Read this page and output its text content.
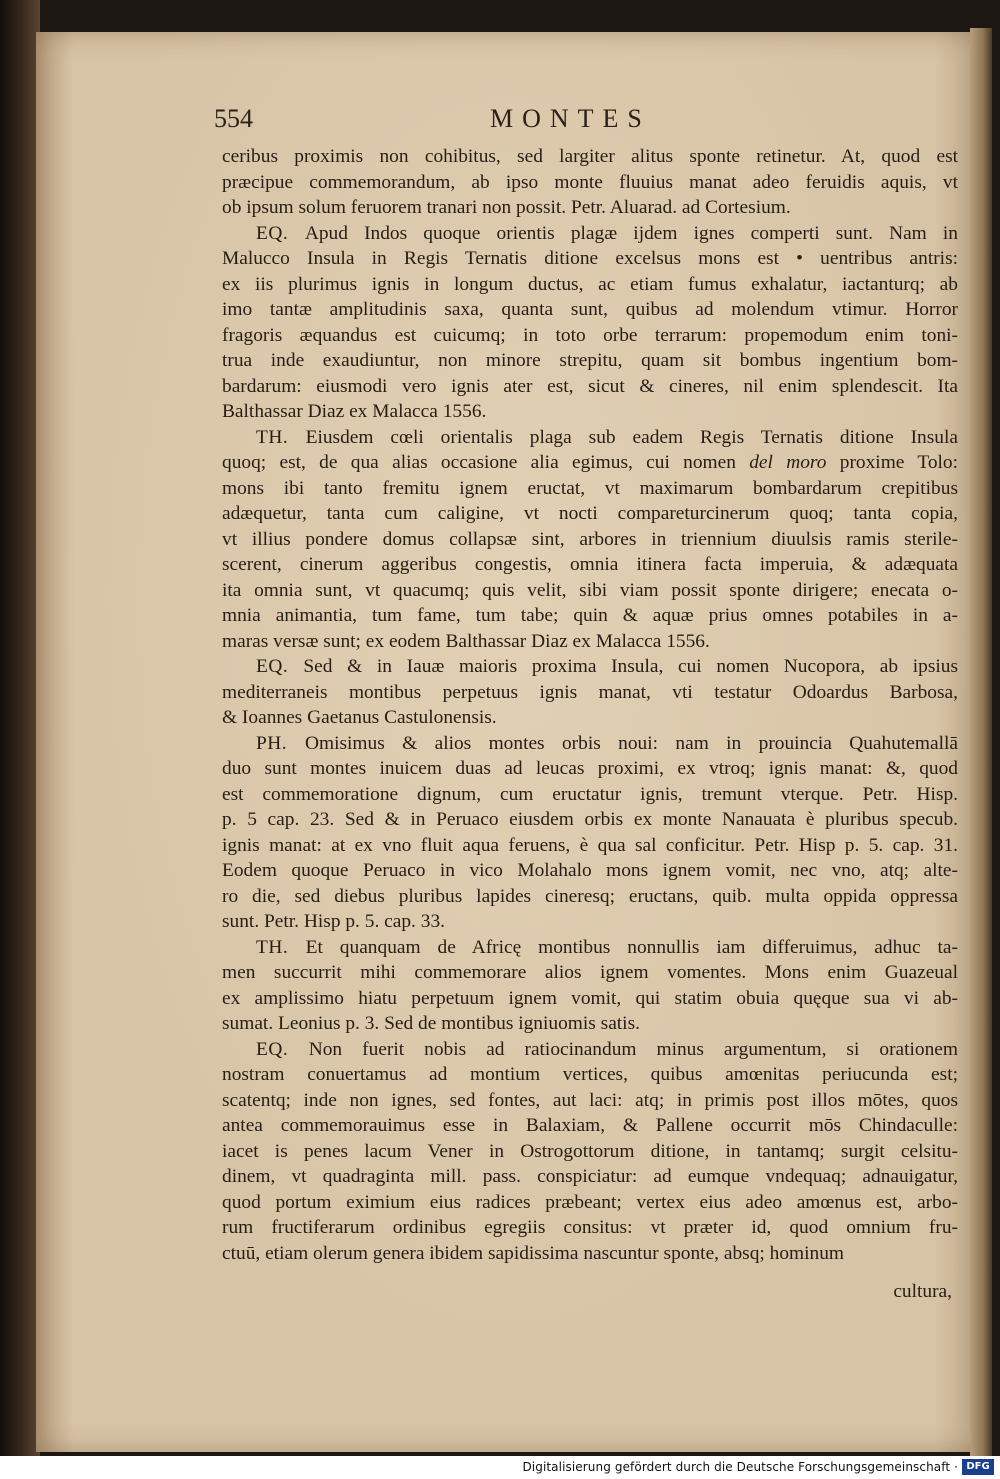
554	MONTES

ceribus proximis non cohibitus, sed largiter alitus sponte retinetur. At, quod est
præcipue commemorandum, ab ipso monte fluuius manat adeo feruidis aquis, vt
ob ipsum solum feruorem tranari non possit. Petr. Aluarad. ad Cortesium.

EQ. Apud Indos quoque orientis plagæ ijdem ignes comperti sunt. Nam in
Malucco Insula in Regis Ternatis ditione excelsus mons est • uentribus antris:
ex iis plurimus ignis in longum ductus, ac etiam fumus exhalatur, iactanturq; ab
imo tantæ amplitudinis saxa, quanta sunt, quibus ad molendum vtimur. Horror
fragoris æquandus est cuicumq; in toto orbe terrarum: propemodum enim toni-
trua inde exaudiuntur, non minore strepitu, quam sit bombus ingentium bom-
bardarum: eiusmodi vero ignis ater est, sicut & cineres, nil enim splendescit. Ita
Balthassar Diaz ex Malacca 1556.

TH. Eiusdem cœli orientalis plaga sub eadem Regis Ternatis ditione Insula
quoq; est, de qua alias occasione alia egimus, cui nomen del moro proxime Tolo:
mons ibi tanto fremitu ignem eructat, vt maximarum bombardarum crepitibus
adæquetur, tanta cum caligine, vt nocti compareturcinerum quoq; tanta copia,
vt illius pondere domus collapsæ sint, arbores in triennium diuulsis ramis sterile-
scerent, cinerum aggeribus congestis, omnia itinera facta imperuia, & adæquata
ita omnia sunt, vt quacumq; quis velit, sibi viam possit sponte dirigere; enecata o-
mnia animantia, tum fame, tum tabe; quin & aquæ prius omnes potabiles in a-
maras versæ sunt; ex eodem Balthassar Diaz ex Malacca 1556.

EQ. Sed & in Iauæ maioris proxima Insula, cui nomen Nucopora, ab ipsius
mediterraneis montibus perpetuus ignis manat, vti testatur Odoardus Barbosa,
& Ioannes Gaetanus Castulonensis.

PH. Omisimus & alios montes orbis noui: nam in prouincia Quahutemallā
duo sunt montes inuicem duas ad leucas proximi, ex vtroq; ignis manat: &, quod
est commemoratione dignum, cum eructatur ignis, tremunt vterque. Petr. Hisp.
p. 5 cap. 23. Sed & in Peruaco eiusdem orbis ex monte Nanauata è pluribus specub.
ignis manat: at ex vno fluit aqua feruens, è qua sal conficitur. Petr. Hisp p. 5. cap. 31.
Eodem quoque Peruaco in vico Molahalo mons ignem vomit, nec vno, atq; alte-
ro die, sed diebus pluribus lapides cineresq; eructans, quib. multa oppida oppressa
sunt. Petr. Hisp p. 5. cap. 33.

TH. Et quanquam de Africę montibus nonnullis iam differuimus, adhuc ta-
men succurrit mihi commemorare alios ignem vomentes. Mons enim Guazeual
ex amplissimo hiatu perpetuum ignem vomit, qui statim obuia quęque sua vi ab-
sumat. Leonius p. 3. Sed de montibus igniuomis satis.

EQ. Non fuerit nobis ad ratiocinandum minus argumentum, si orationem
nostram conuertamus ad montium vertices, quibus amœnitas periucunda est;
scatentq; inde non ignes, sed fontes, aut laci: atq; in primis post illos mōtes, quos
antea commemorauimus esse in Balaxiam, & Pallene occurrit mōs Chindaculle:
iacet is penes lacum Vener in Ostrogottorum ditione, in tantamq; surgit celsitu-
dinem, vt quadraginta mill. pass. conspiciatur: ad eumque vndequaq; adnauigatur,
quod portum eximium eius radices præbeant; vertex eius adeo amœnus est, arbo-
rum fructiferarum ordinibus egregiis consitus: vt præter id, quod omnium fru-
ctuū, etiam olerum genera ibidem sapidissima nascuntur sponte, absq; hominum

cultura,
Digitalisierung gefördert durch die Deutsche Forschungsgemeinschaft · DFG
